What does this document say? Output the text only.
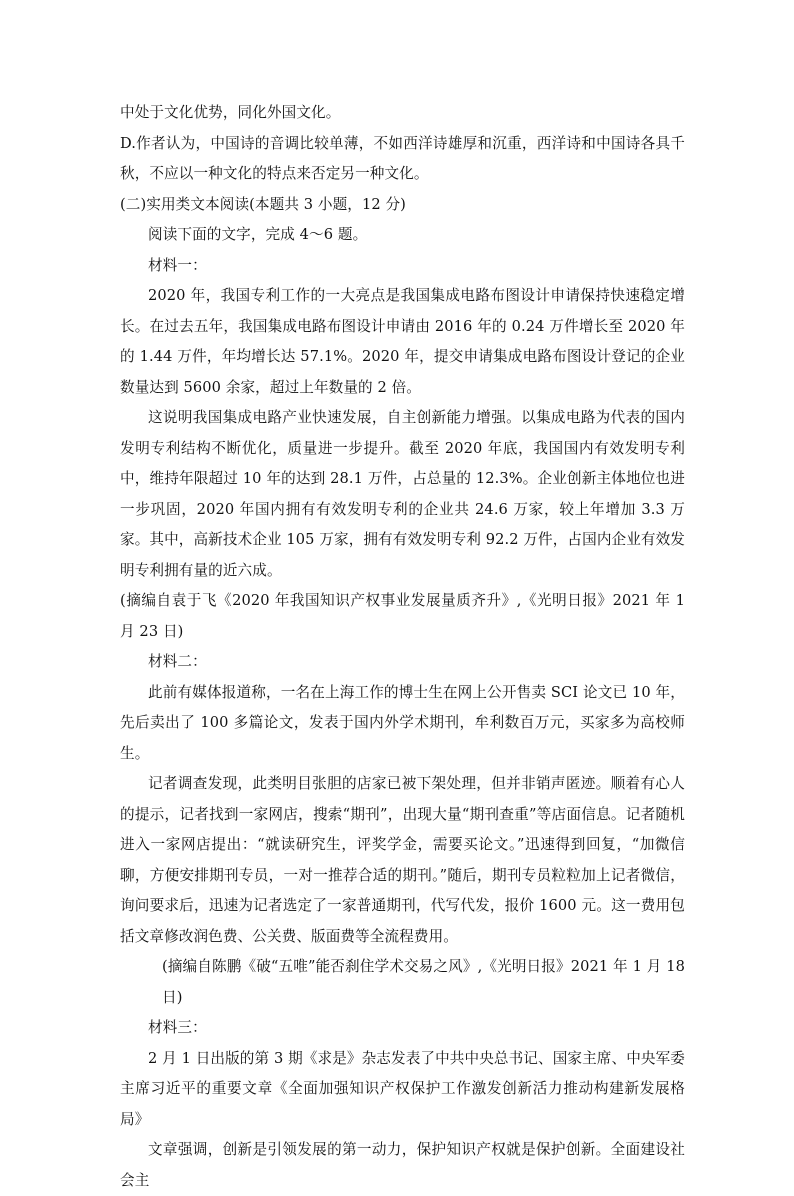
中处于文化优势，同化外国文化。

D.作者认为，中国诗的音调比较单薄，不如西洋诗雄厚和沉重，西洋诗和中国诗各具千秋，不应以一种文化的特点来否定另一种文化。

(二)实用类文本阅读(本题共 3 小题，12 分)

阅读下面的文字，完成 4～6 题。

材料一：

2020 年，我国专利工作的一大亮点是我国集成电路布图设计申请保持快速稳定增长。在过去五年，我国集成电路布图设计申请由 2016 年的 0.24 万件增长至 2020 年的 1.44 万件，年均增长达 57.1%。2020 年，提交申请集成电路布图设计登记的企业数量达到 5600 余家，超过上年数量的 2 倍。

这说明我国集成电路产业快速发展，自主创新能力增强。以集成电路为代表的国内发明专利结构不断优化，质量进一步提升。截至 2020 年底，我国国内有效发明专利中，维持年限超过 10 年的达到 28.1 万件，占总量的 12.3%。企业创新主体地位也进一步巩固，2020 年国内拥有有效发明专利的企业共 24.6 万家，较上年增加 3.3 万家。其中，高新技术企业 105 万家，拥有有效发明专利 92.2 万件，占国内企业有效发明专利拥有量的近六成。

(摘编自袁于飞《2020 年我国知识产权事业发展量质齐升》,《光明日报》2021 年 1 月 23 日)

材料二：

此前有媒体报道称，一名在上海工作的博士生在网上公开售卖 SCI 论文已 10 年，先后卖出了 100 多篇论文，发表于国内外学术期刊，牟利数百万元，买家多为高校师生。

记者调查发现，此类明目张胆的店家已被下架处理，但并非销声匿迹。顺着有心人的提示，记者找到一家网店，搜索“期刊”，出现大量“期刊查重”等店面信息。记者随机进入一家网店提出：“就读研究生，评奖学金，需要买论文。”迅速得到回复，“加微信聊，方便安排期刊专员，一对一推荐合适的期刊。”随后，期刊专员粒粒加上记者微信，询问要求后，迅速为记者选定了一家普通期刊，代写代发，报价 1600 元。这一费用包括文章修改润色费、公关费、版面费等全流程费用。

(摘编自陈鹏《破“五唯”能否刹住学术交易之风》,《光明日报》2021 年 1 月 18 日)

材料三：

2 月 1 日出版的第 3 期《求是》杂志发表了中共中央总书记、国家主席、中央军委主席习近平的重要文章《全面加强知识产权保护工作激发创新活力推动构建新发展格局》

文章强调，创新是引领发展的第一动力，保护知识产权就是保护创新。全面建设社会主
